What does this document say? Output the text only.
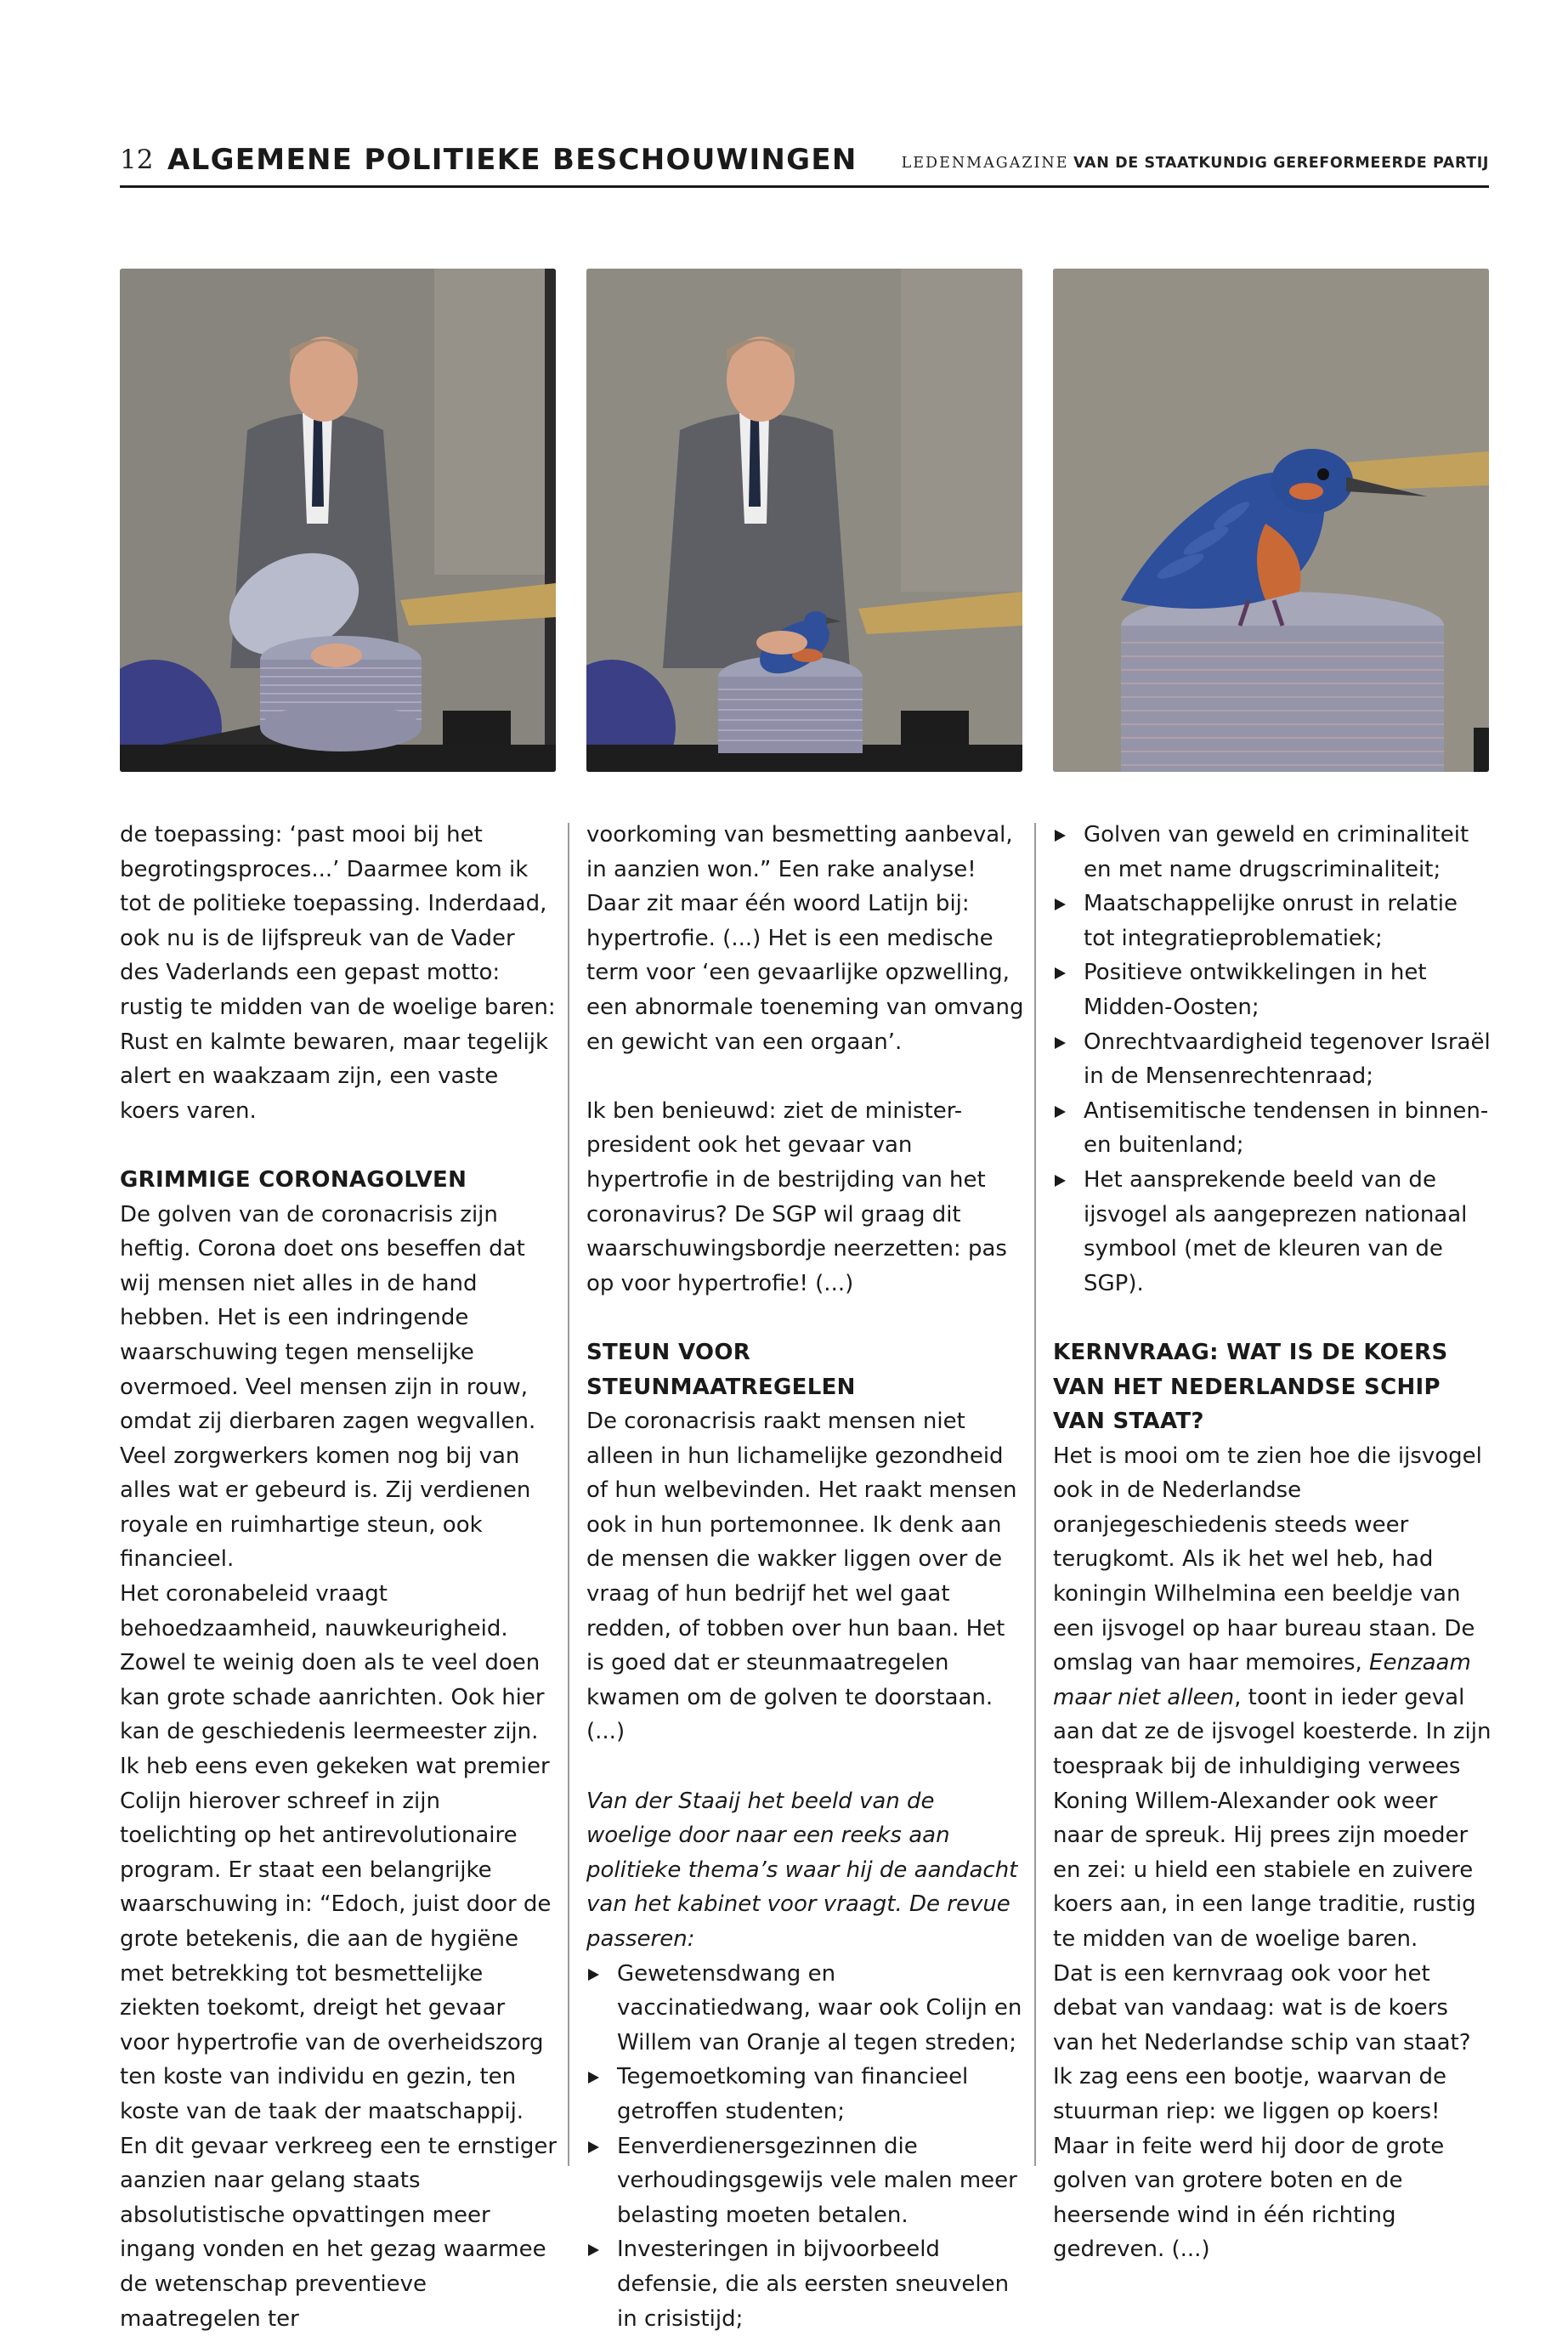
12 ALGEMENE POLITIEKE BESCHOUWINGEN	LEDENMAGAZINE VAN DE STAATKUNDIG GEREFORMEERDE PARTIJ

de toepassing: ‘past mooi bij het begrotingsproces...’ Daarmee kom ik tot de politieke toepassing. Inderdaad, ook nu is de lijfspreuk van de Vader des Vaderlands een gepast motto: rustig te midden van de woelige baren: Rust en kalmte bewaren, maar tegelijk alert en waakzaam zijn, een vaste koers varen.

GRIMMIGE CORONAGOLVEN

De golven van de coronacrisis zijn heftig. Corona doet ons beseffen dat wij mensen niet alles in de hand hebben. Het is een indringende waarschuwing tegen menselijke overmoed. Veel mensen zijn in rouw, omdat zij dierbaren zagen wegvallen. Veel zorgwerkers komen nog bij van alles wat er gebeurd is. Zij verdienen royale en ruimhartige steun, ook financieel.

Het coronabeleid vraagt behoedzaamheid, nauwkeurigheid. Zowel te weinig doen als te veel doen kan grote schade aanrichten. Ook hier kan de geschiedenis leermeester zijn. Ik heb eens even gekeken wat premier Colijn hierover schreef in zijn toelichting op het antirevolutionaire program. Er staat een belangrijke waarschuwing in: “Edoch, juist door de grote betekenis, die aan de hygiëne met betrekking tot besmettelijke ziekten toekomt, dreigt het gevaar voor hypertrofie van de overheidszorg ten koste van individu en gezin, ten koste van de taak der maatschappij. En dit gevaar verkreeg een te ernstiger aanzien naar gelang staats absolutistische opvattingen meer ingang vonden en het gezag waarmee de wetenschap preventieve maatregelen ter

voorkoming van besmetting aanbeval, in aanzien won.” Een rake analyse! Daar zit maar één woord Latijn bij: hypertrofie. (...) Het is een medische term voor ‘een gevaarlijke opzwelling, een abnormale toeneming van omvang en gewicht van een orgaan’.

Ik ben benieuwd: ziet de minister-president ook het gevaar van hypertrofie in de bestrijding van het coronavirus? De SGP wil graag dit waarschuwingsbordje neerzetten: pas op voor hypertrofie! (...)

STEUN VOOR STEUNMAATREGELEN

De coronacrisis raakt mensen niet alleen in hun lichamelijke gezondheid of hun welbevinden. Het raakt mensen ook in hun portemonnee. Ik denk aan de mensen die wakker liggen over de vraag of hun bedrijf het wel gaat redden, of tobben over hun baan. Het is goed dat er steunmaatregelen kwamen om de golven te doorstaan. (...)

Van der Staaij het beeld van de woelige door naar een reeks aan politieke thema’s waar hij de aandacht van het kabinet voor vraagt. De revue passeren:

Gewetensdwang en vaccinatiedwang, waar ook Colijn en Willem van Oranje al tegen streden;
Tegemoetkoming van financieel getroffen studenten;
Eenverdienersgezinnen die verhoudingsgewijs vele malen meer belasting moeten betalen.
Investeringen in bijvoorbeeld defensie, die als eersten sneuvelen in crisistijd;
Golven van geweld en criminaliteit en met name drugscriminaliteit;
Maatschappelijke onrust in relatie tot integratieproblematiek;
Positieve ontwikkelingen in het Midden-Oosten;
Onrechtvaardigheid tegenover Israël in de Mensenrechtenraad;
Antisemitische tendensen in binnen- en buitenland;
Het aansprekende beeld van de ijsvogel als aangeprezen nationaal symbool (met de kleuren van de SGP).
KERNVRAAG: WAT IS DE KOERS VAN HET NEDERLANDSE SCHIP VAN STAAT?

Het is mooi om te zien hoe die ijsvogel ook in de Nederlandse oranjegeschiedenis steeds weer terugkomt. Als ik het wel heb, had koningin Wilhelmina een beeldje van een ijsvogel op haar bureau staan. De omslag van haar memoires, Eenzaam maar niet alleen, toont in ieder geval aan dat ze de ijsvogel koesterde. In zijn toespraak bij de inhuldiging verwees Koning Willem-Alexander ook weer naar de spreuk. Hij prees zijn moeder en zei: u hield een stabiele en zuivere koers aan, in een lange traditie, rustig te midden van de woelige baren.

Dat is een kernvraag ook voor het debat van vandaag: wat is de koers van het Nederlandse schip van staat? Ik zag eens een bootje, waarvan de stuurman riep: we liggen op koers! Maar in feite werd hij door de grote golven van grotere boten en de heersende wind in één richting gedreven. (...)
